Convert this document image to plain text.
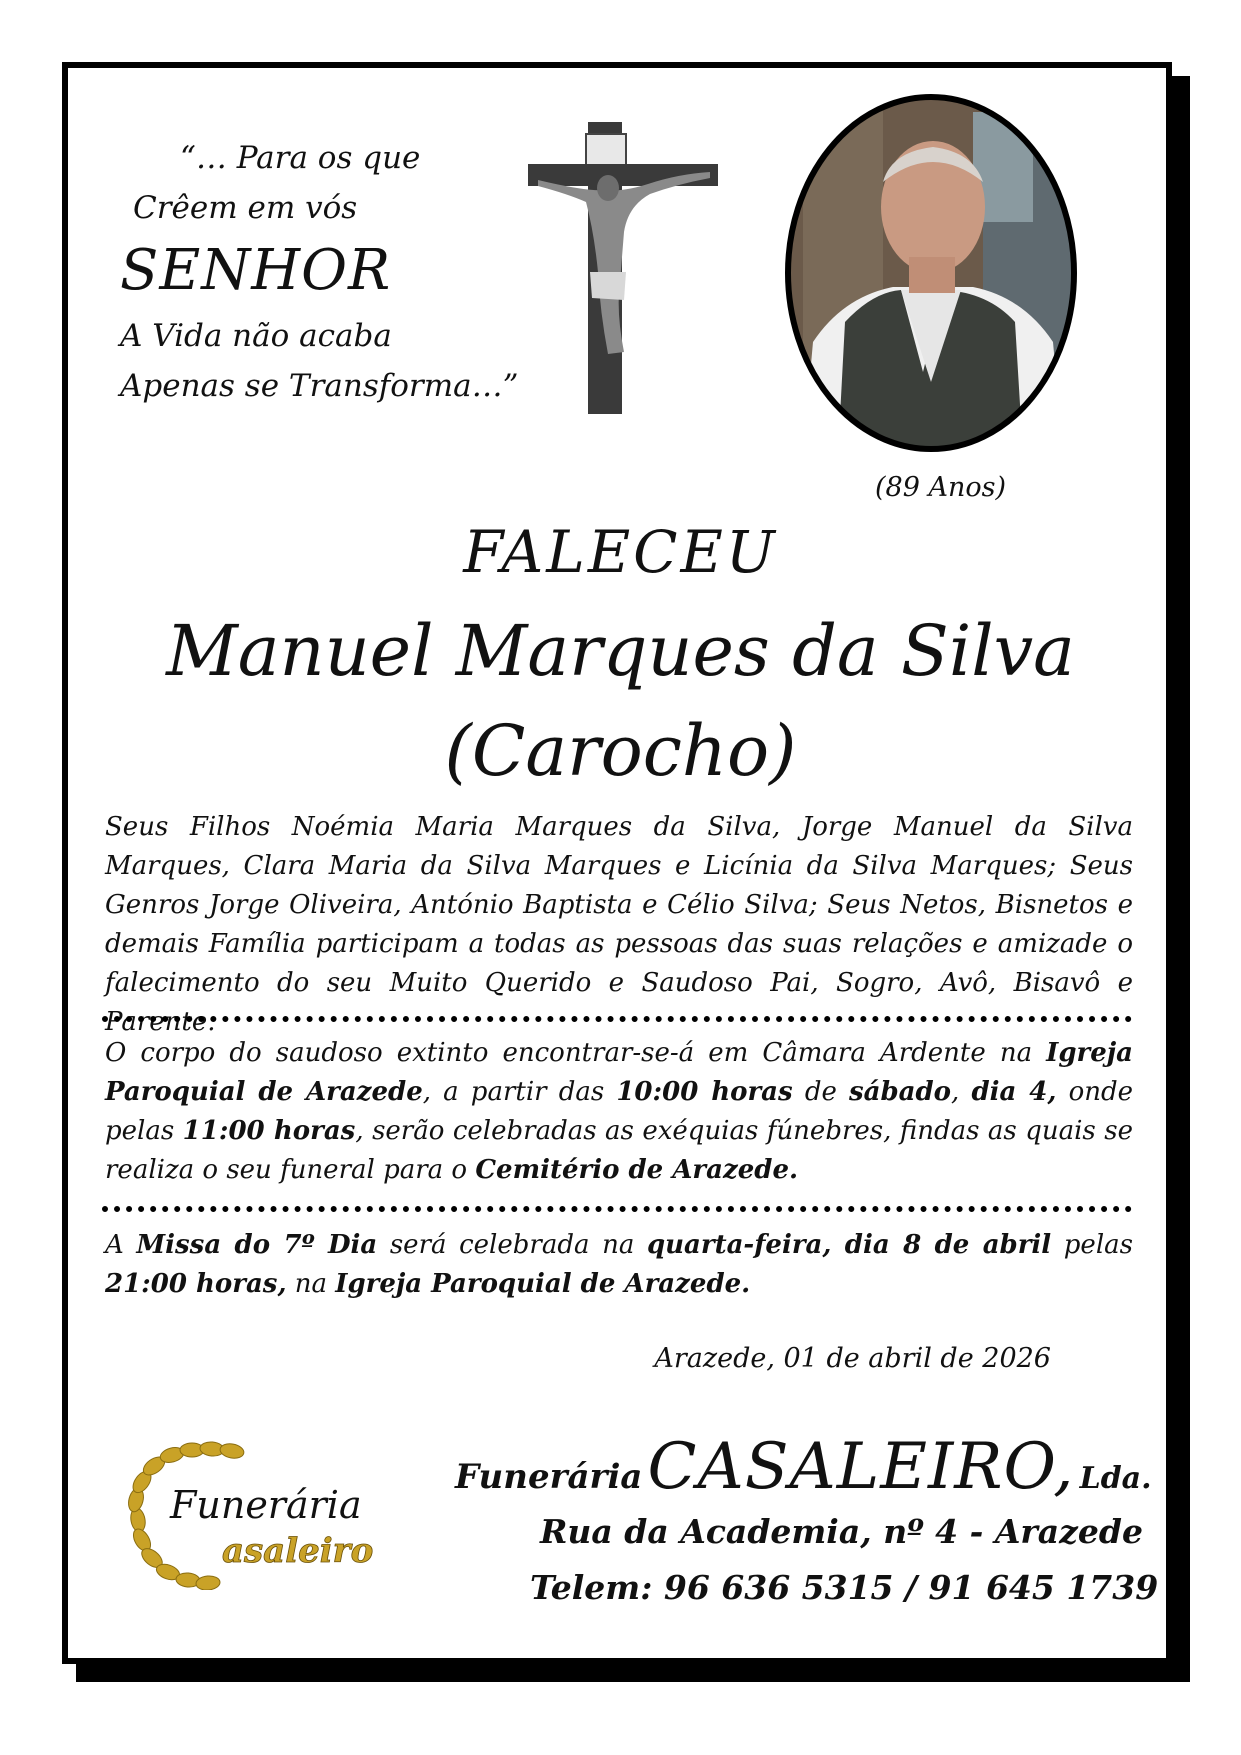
“… Para os que
Crêem em vós
SENHOR
A Vida não acaba
Apenas se Transforma…”
(89 Anos)
FALECEU
Manuel Marques da Silva
(Carocho)

Seus Filhos Noémia Maria Marques da Silva, Jorge Manuel da Silva Marques, Clara Maria da Silva Marques e Licínia da Silva Marques; Seus Genros Jorge Oliveira, António Baptista e Célio Silva; Seus Netos, Bisnetos e demais Família participam a todas as pessoas das suas relações e amizade o falecimento do seu Muito Querido e Saudoso Pai, Sogro, Avô, Bisavô e Parente.

O corpo do saudoso extinto encontrar-se-á em Câmara Ardente na Igreja Paroquial de Arazede, a partir das 10:00 horas de sábado, dia 4, onde pelas 11:00 horas, serão celebradas as exéquias fúnebres, findas as quais se realiza o seu funeral para o Cemitério de Arazede.

A Missa do 7º Dia será celebrada na quarta-feira, dia 8 de abril pelas 21:00 horas, na Igreja Paroquial de Arazede.

Arazede, 01 de abril de 2026
Funerária
asaleiro
Funerária CASALEIRO, Lda.
Rua da Academia, nº 4 - Arazede
Telem: 96 636 5315 / 91 645 1739
